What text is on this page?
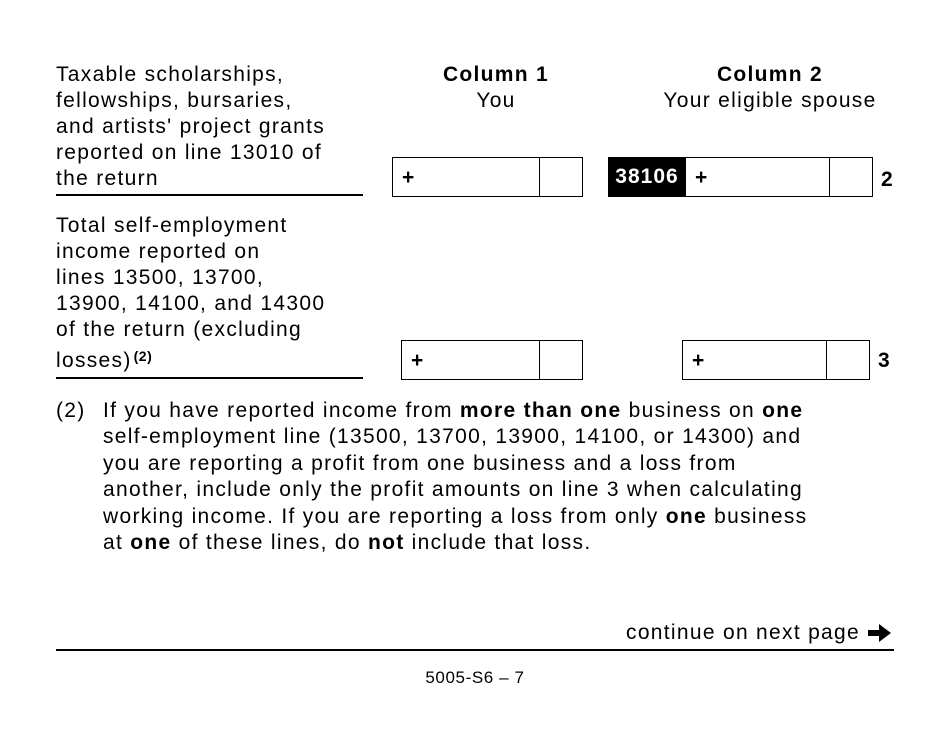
Column 1
You
Column 2
Your eligible spouse
Taxable scholarships,
fellowships, bursaries,
and artists' project grants
reported on line 13010 of
the return	+	38106 +	2
Total self-employment
income reported on
lines 13500, 13700,
13900, 14100, and 14300
of the return (excluding
losses) $^{(2)}$	+	+	3
(2) If you have reported income from more than one business on one
self-employment line (13500, 13700, 13900, 14100, or 14300) and
you are reporting a profit from one business and a loss from
another, include only the profit amounts on line 3 when calculating
working income. If you are reporting a loss from only one business
at one of these lines, do not include that loss.
continue on next page
5005-S6 – 7
